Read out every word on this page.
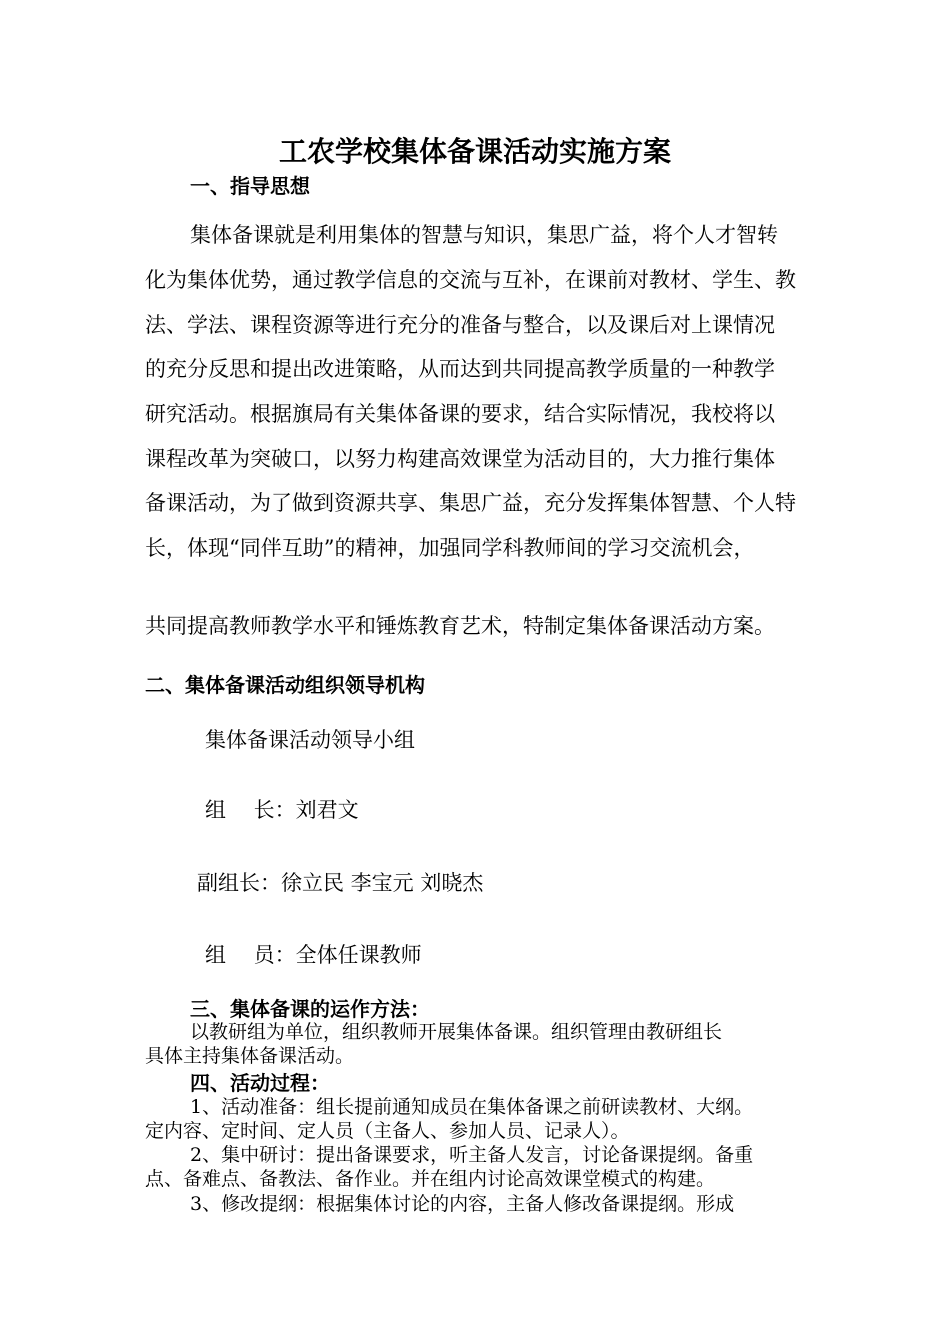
工农学校集体备课活动实施方案
一、指导思想
集体备课就是利用集体的智慧与知识，集思广益，将个人才智转
化为集体优势，通过教学信息的交流与互补，在课前对教材、学生、教
法、学法、课程资源等进行充分的准备与整合，以及课后对上课情况
的充分反思和提出改进策略，从而达到共同提高教学质量的一种教学
研究活动。根据旗局有关集体备课的要求，结合实际情况，我校将以
课程改革为突破口，以努力构建高效课堂为活动目的，大力推行集体
备课活动，为了做到资源共享、集思广益，充分发挥集体智慧、个人特
长，体现“同伴互助”的精神，加强同学科教师间的学习交流机会，
共同提高教师教学水平和锤炼教育艺术，特制定集体备课活动方案。
二、集体备课活动组织领导机构
集体备课活动领导小组
组　 长：刘君文
副组长：徐立民 李宝元 刘晓杰
组　 员：全体任课教师
三、集体备课的运作方法：
以教研组为单位，组织教师开展集体备课。组织管理由教研组长
具体主持集体备课活动。
四、活动过程：
1、活动准备：组长提前通知成员在集体备课之前研读教材、大纲。
定内容、定时间、定人员（主备人、参加人员、记录人）。
2、集中研讨：提出备课要求，听主备人发言，讨论备课提纲。备重
点、备难点、备教法、备作业。并在组内讨论高效课堂模式的构建。
3、修改提纲：根据集体讨论的内容，主备人修改备课提纲。形成
